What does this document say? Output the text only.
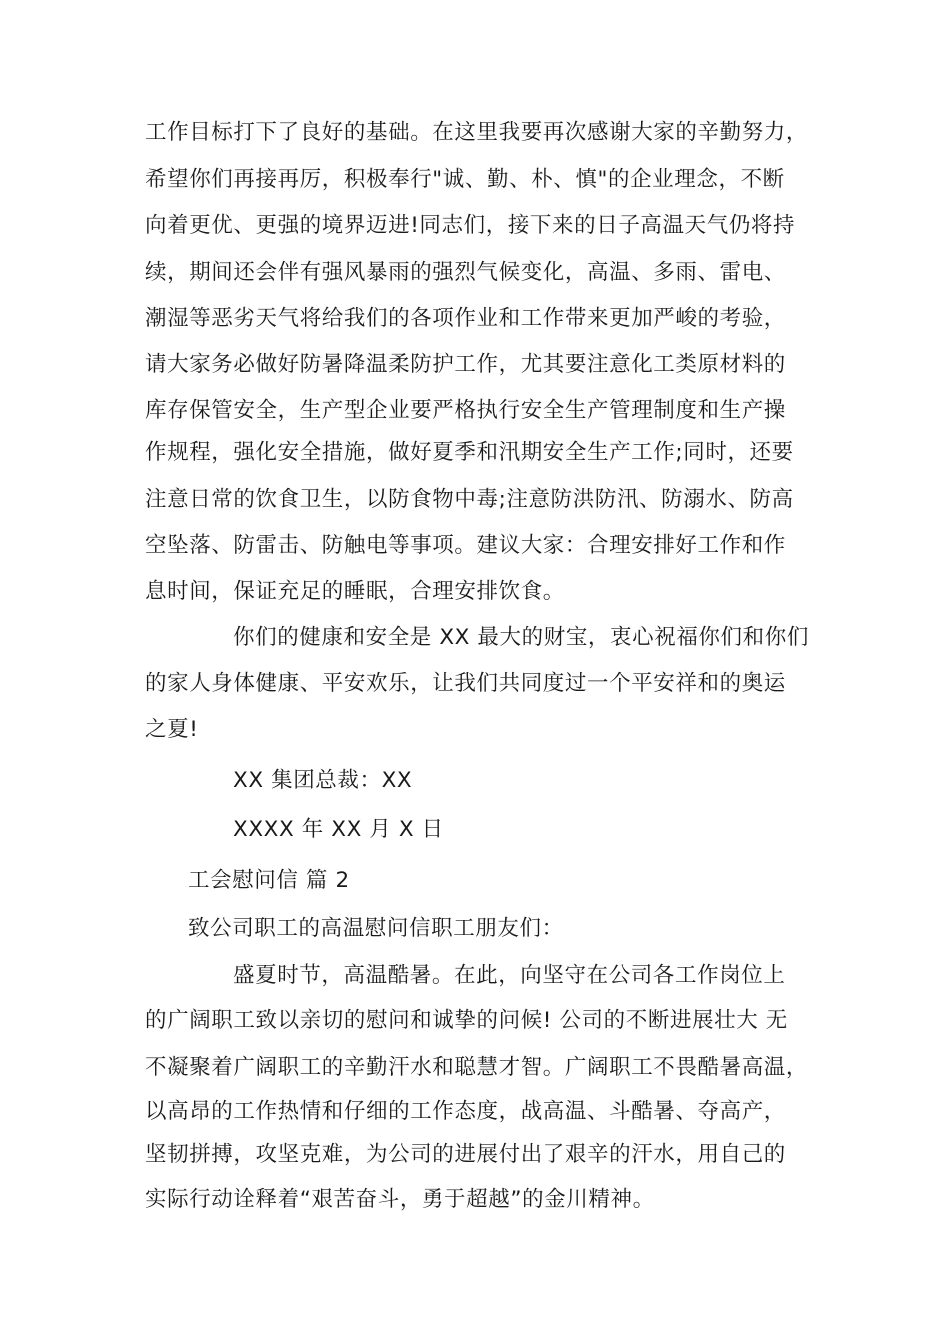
工作目标打下了良好的基础。在这里我要再次感谢大家的辛勤努力，
希望你们再接再厉，积极奉行"诚、勤、朴、慎"的企业理念，不断
向着更优、更强的境界迈进!同志们，接下来的日子高温天气仍将持
续，期间还会伴有强风暴雨的强烈气候变化，高温、多雨、雷电、
潮湿等恶劣天气将给我们的各项作业和工作带来更加严峻的考验，
请大家务必做好防暑降温柔防护工作，尤其要注意化工类原材料的
库存保管安全，生产型企业要严格执行安全生产管理制度和生产操
作规程，强化安全措施，做好夏季和汛期安全生产工作;同时，还要
注意日常的饮食卫生，以防食物中毒;注意防洪防汛、防溺水、防高
空坠落、防雷击、防触电等事项。建议大家：合理安排好工作和作
息时间，保证充足的睡眠，合理安排饮食。
你们的健康和安全是 XX 最大的财宝，衷心祝福你们和你们
的家人身体健康、平安欢乐，让我们共同度过一个平安祥和的奥运
之夏!
XX 集团总裁：XX
XXXX 年 XX 月 X 日
工会慰问信 篇 2
致公司职工的高温慰问信职工朋友们：
盛夏时节，高温酷暑。在此，向坚守在公司各工作岗位上
的广阔职工致以亲切的慰问和诚挚的问候! 公司的不断进展壮大 无
不凝聚着广阔职工的辛勤汗水和聪慧才智。广阔职工不畏酷暑高温，
以高昂的工作热情和仔细的工作态度，战高温、斗酷暑、夺高产，
坚韧拼搏，攻坚克难，为公司的进展付出了艰辛的汗水，用自己的
实际行动诠释着“艰苦奋斗，勇于超越”的金川精神。
